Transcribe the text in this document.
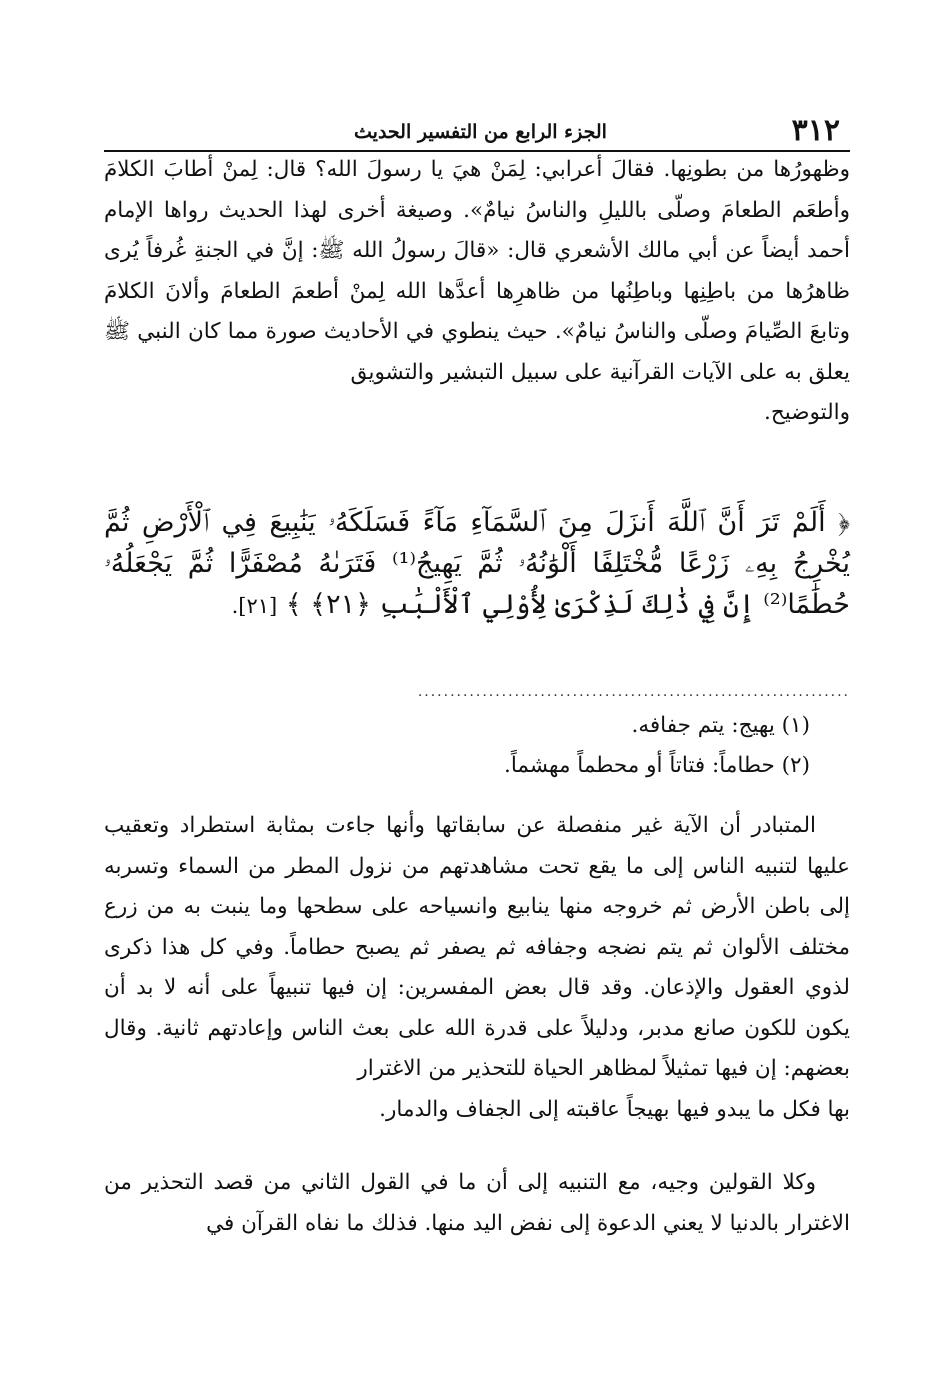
٣١٢
الجزء الرابع من التفسير الحديث

وظهورُها من بطونِها. فقالَ أعرابي: لِمَنْ هيَ يا رسولَ الله؟ قال: لِمنْ أطابَ الكلامَ وأطعَم الطعامَ وصلّى بالليلِ والناسُ نيامٌ». وصيغة أخرى لهذا الحديث رواها الإمام أحمد أيضاً عن أبي مالك الأشعري قال: «قالَ رسولُ الله ﷺ: إنَّ في الجنةِ غُرفاً يُرى ظاهرُها من باطِنِها وباطِنُها من ظاهرِها أعدَّها الله لِمنْ أطعمَ الطعامَ وألانَ الكلامَ وتابعَ الصِّيامَ وصلّى والناسُ نيامٌ». حيث ينطوي في الأحاديث صورة مما كان النبي ﷺ يعلق به على الآيات القرآنية على سبيل التبشير والتشويق

والتوضيح.

﴿ أَلَمْ تَرَ أَنَّ ٱللَّهَ أَنزَلَ مِنَ ٱلسَّمَآءِ مَآءً فَسَلَكَهُۥ يَنَٰبِيعَ فِي ٱلْأَرْضِ ثُمَّ يُخْرِجُ بِهِۦ زَرْعًا مُّخْتَلِفًا أَلْوَٰنُهُۥ ثُمَّ يَهِيجُ⁽¹⁾ فَتَرَىٰهُ مُصْفَرًّا ثُمَّ يَجْعَلُهُۥ حُطَٰمًا⁽²⁾ إِنَّ فِي ذَٰلِكَ لَذِكْرَىٰ لِأُوْلِي ٱلْأَلْبَٰبِ ﴿٢١﴾ ﴾ [٢١].
...................................................................

(١) يهيج: يتم جفافه.

(٢) حطاماً: فتاتاً أو محطماً مهشماً.

المتبادر أن الآية غير منفصلة عن سابقاتها وأنها جاءت بمثابة استطراد وتعقيب عليها لتنبيه الناس إلى ما يقع تحت مشاهدتهم من نزول المطر من السماء وتسربه إلى باطن الأرض ثم خروجه منها ينابيع وانسياحه على سطحها وما ينبت به من زرع مختلف الألوان ثم يتم نضجه وجفافه ثم يصفر ثم يصبح حطاماً. وفي كل هذا ذكرى لذوي العقول والإذعان. وقد قال بعض المفسرين: إن فيها تنبيهاً على أنه لا بد أن يكون للكون صانع مدبر، ودليلاً على قدرة الله على بعث الناس وإعادتهم ثانية. وقال بعضهم: إن فيها تمثيلاً لمظاهر الحياة للتحذير من الاغترار

بها فكل ما يبدو فيها بهيجاً عاقبته إلى الجفاف والدمار.

وكلا القولين وجيه، مع التنبيه إلى أن ما في القول الثاني من قصد التحذير من الاغترار بالدنيا لا يعني الدعوة إلى نفض اليد منها. فذلك ما نفاه القرآن في
